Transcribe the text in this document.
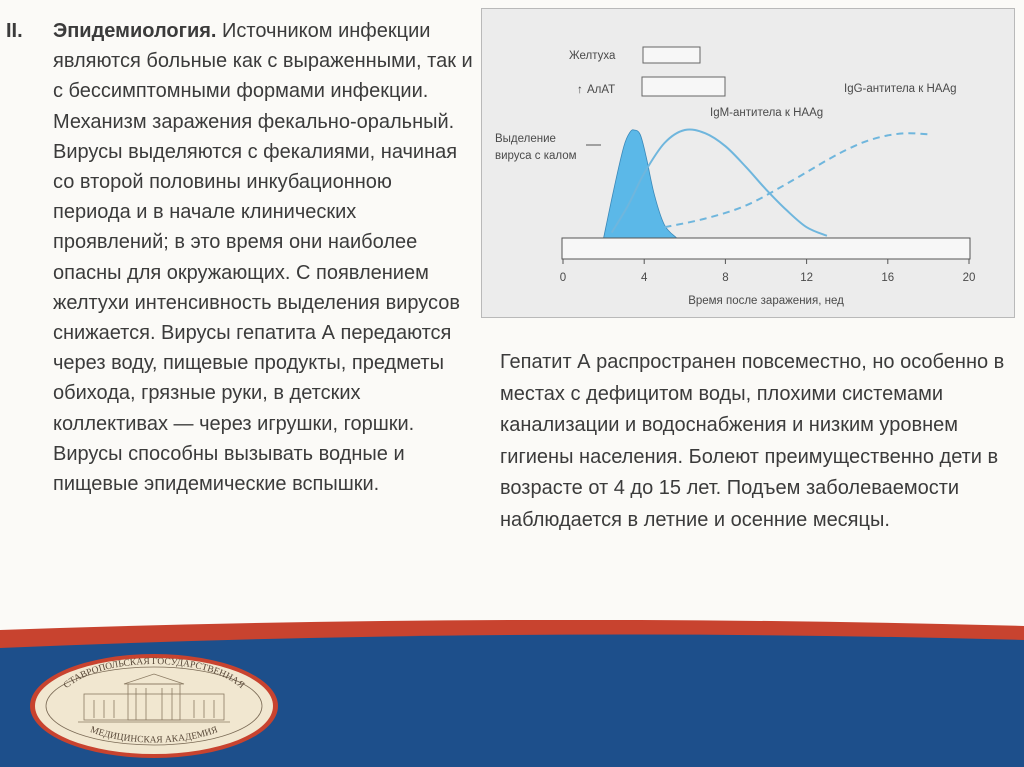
II. Эпидемиология. Источником инфекции являются больные как с выраженными, так и с бессимптомными формами инфекции. Механизм заражения фекально-оральный. Вирусы выделяются с фекалиями, начиная со второй половины инкубационною периода и в начале клинических проявлений; в это время они наиболее опасны для окружающих. С появлением желтухи интенсивность выделения вирусов снижается. Вирусы гепатита А передаются через воду, пищевые продукты, предметы обихода, грязные руки, в детских коллективах — через игрушки, горшки. Вирусы способны вызывать водные и пищевые эпидемические вспышки.
Желтуха
↑ АлАТ	IgG-антитела к HAAg
IgM-антитела к HAAg
Выделение
вируса с калом
0	4	8	12	16	20
Время после заражения, нед
Гепатит А распространен повсеместно, но особенно в местах с дефицитом воды, плохими системами канализации и водоснабжения и низким уровнем гигиены населения. Болеют преимущественно дети в возрасте от 4 до 15 лет. Подъем заболеваемости наблюдается в летние и осенние месяцы.
СТАВРОПОЛЬСКАЯ ГОСУДАРСТВЕННАЯ
МЕДИЦИНСКАЯ АКАДЕМИЯ
